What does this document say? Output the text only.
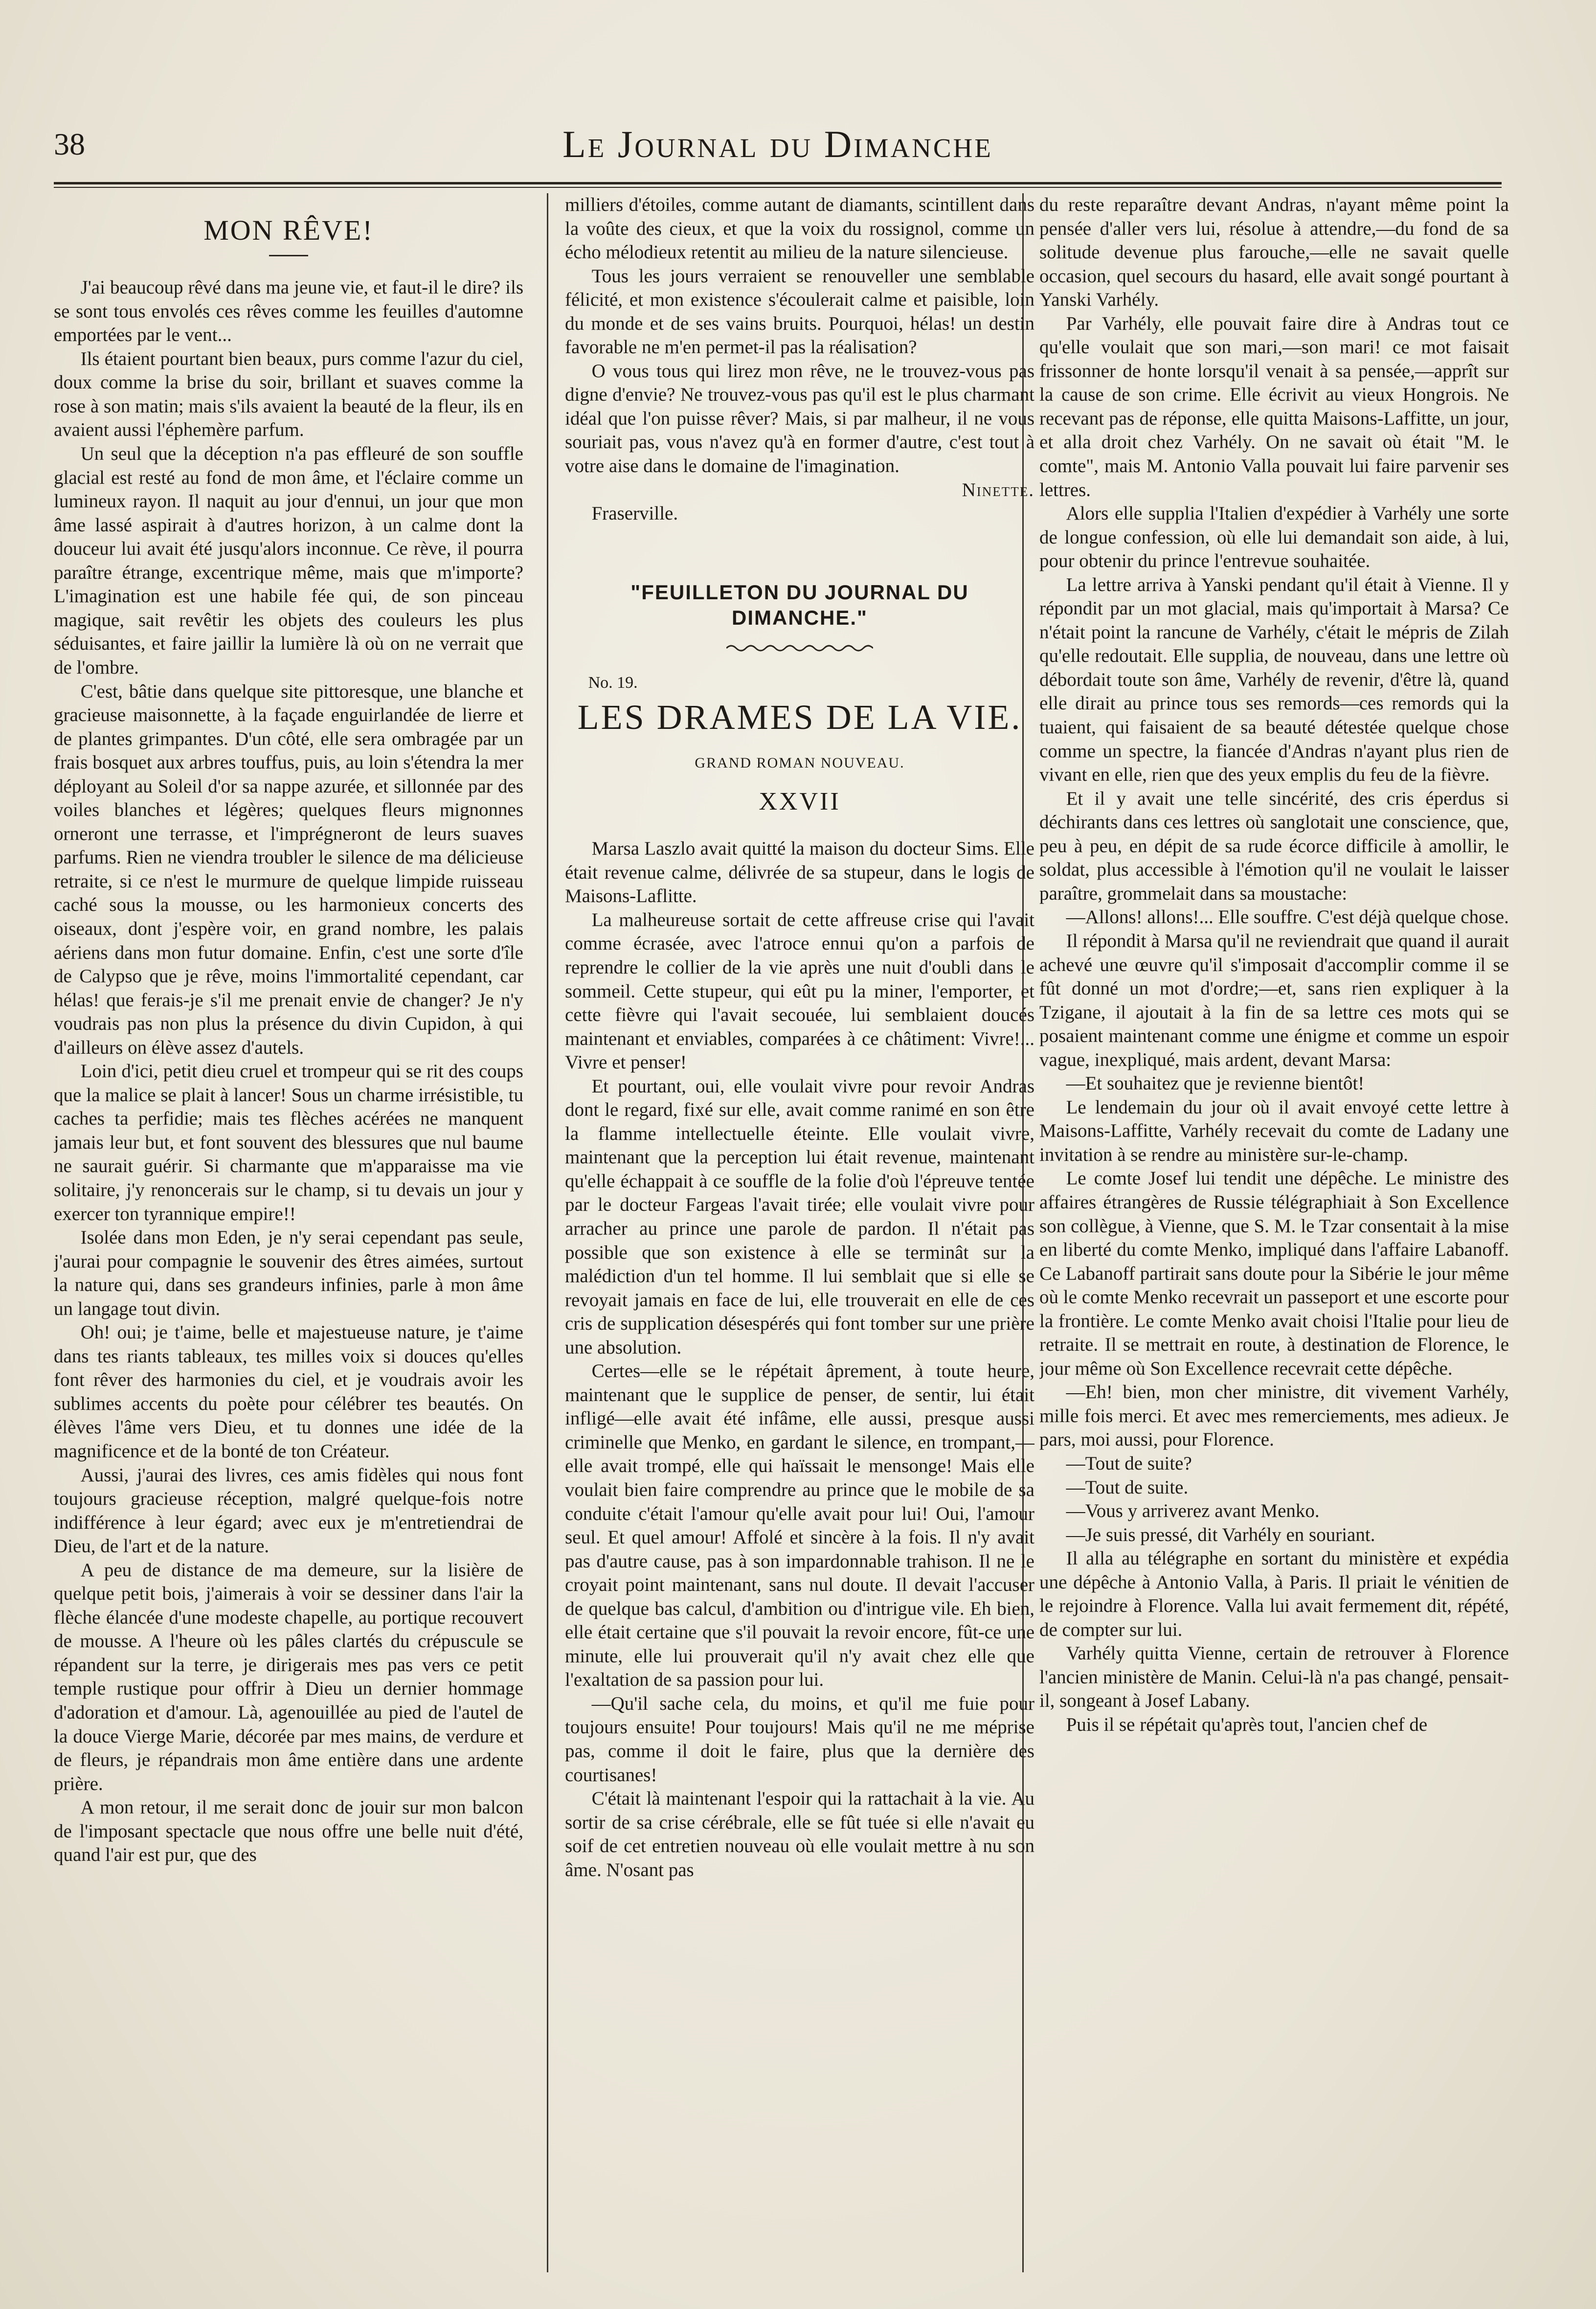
38	Le Journal du Dimanche
MON RÊVE!

J'ai beaucoup rêvé dans ma jeune vie, et faut-il le dire? ils se sont tous envolés ces rêves comme les feuilles d'automne emportées par le vent...

Ils étaient pourtant bien beaux, purs comme l'azur du ciel, doux comme la brise du soir, brillant et suaves comme la rose à son matin; mais s'ils avaient la beauté de la fleur, ils en avaient aussi l'éphemère parfum.

Un seul que la déception n'a pas effleuré de son souffle glacial est resté au fond de mon âme, et l'éclaire comme un lumineux rayon. Il naquit au jour d'ennui, un jour que mon âme lassé aspirait à d'autres horizon, à un calme dont la douceur lui avait été jusqu'alors inconnue. Ce rève, il pourra paraître étrange, excentrique même, mais que m'importe? L'imagination est une habile fée qui, de son pinceau magique, sait revêtir les objets des couleurs les plus séduisantes, et faire jaillir la lumière là où on ne verrait que de l'ombre.

C'est, bâtie dans quelque site pittoresque, une blanche et gracieuse maisonnette, à la façade enguirlandée de lierre et de plantes grimpantes. D'un côté, elle sera ombragée par un frais bosquet aux arbres touffus, puis, au loin s'étendra la mer déployant au Soleil d'or sa nappe azurée, et sillonnée par des voiles blanches et légères; quelques fleurs mignonnes orneront une terrasse, et l'imprégneront de leurs suaves parfums. Rien ne viendra troubler le silence de ma délicieuse retraite, si ce n'est le murmure de quelque limpide ruisseau caché sous la mousse, ou les harmonieux concerts des oiseaux, dont j'espère voir, en grand nombre, les palais aériens dans mon futur domaine. Enfin, c'est une sorte d'île de Calypso que je rêve, moins l'immortalité cependant, car hélas! que ferais-je s'il me prenait envie de changer? Je n'y voudrais pas non plus la présence du divin Cupidon, à qui d'ailleurs on élève assez d'autels.

Loin d'ici, petit dieu cruel et trompeur qui se rit des coups que la malice se plait à lancer! Sous un charme irrésistible, tu caches ta perfidie; mais tes flèches acérées ne manquent jamais leur but, et font souvent des blessures que nul baume ne saurait guérir. Si charmante que m'apparaisse ma vie solitaire, j'y renoncerais sur le champ, si tu devais un jour y exercer ton tyrannique empire!!

Isolée dans mon Eden, je n'y serai cependant pas seule, j'aurai pour compagnie le souvenir des êtres aimées, surtout la nature qui, dans ses grandeurs infinies, parle à mon âme un langage tout divin.

Oh! oui; je t'aime, belle et majestueuse nature, je t'aime dans tes riants tableaux, tes milles voix si douces qu'elles font rêver des harmonies du ciel, et je voudrais avoir les sublimes accents du poète pour célébrer tes beautés. On élèves l'âme vers Dieu, et tu donnes une idée de la magnificence et de la bonté de ton Créateur.

Aussi, j'aurai des livres, ces amis fidèles qui nous font toujours gracieuse réception, malgré quelque-fois notre indifférence à leur égard; avec eux je m'entretiendrai de Dieu, de l'art et de la nature.

A peu de distance de ma demeure, sur la lisière de quelque petit bois, j'aimerais à voir se dessiner dans l'air la flèche élancée d'une modeste chapelle, au portique recouvert de mousse. A l'heure où les pâles clartés du crépuscule se répandent sur la terre, je dirigerais mes pas vers ce petit temple rustique pour offrir à Dieu un dernier hommage d'adoration et d'amour. Là, agenouillée au pied de l'autel de la douce Vierge Marie, décorée par mes mains, de verdure et de fleurs, je répandrais mon âme entière dans une ardente prière.

A mon retour, il me serait donc de jouir sur mon balcon de l'imposant spectacle que nous offre une belle nuit d'été, quand l'air est pur, que des

milliers d'étoiles, comme autant de diamants, scintillent dans la voûte des cieux, et que la voix du rossignol, comme un écho mélodieux retentit au milieu de la nature silencieuse.

Tous les jours verraient se renouveller une semblable félicité, et mon existence s'écoulerait calme et paisible, loin du monde et de ses vains bruits. Pourquoi, hélas! un destin favorable ne m'en permet-il pas la réalisation?

O vous tous qui lirez mon rêve, ne le trouvez-vous pas digne d'envie? Ne trouvez-vous pas qu'il est le plus charmant idéal que l'on puisse rêver? Mais, si par malheur, il ne vous souriait pas, vous n'avez qu'à en former d'autre, c'est tout à votre aise dans le domaine de l'imagination.

Ninette.

Fraserville.

"FEUILLETON DU JOURNAL DU DIMANCHE."

No. 19.

LES DRAMES DE LA VIE.
GRAND ROMAN NOUVEAU.
XXVII

Marsa Laszlo avait quitté la maison du docteur Sims. Elle était revenue calme, délivrée de sa stupeur, dans le logis de Maisons-Laflitte.

La malheureuse sortait de cette affreuse crise qui l'avait comme écrasée, avec l'atroce ennui qu'on a parfois de reprendre le collier de la vie après une nuit d'oubli dans le sommeil. Cette stupeur, qui eût pu la miner, l'emporter, et cette fièvre qui l'avait secouée, lui semblaient doucés maintenant et enviables, comparées à ce châtiment: Vivre!... Vivre et penser!

Et pourtant, oui, elle voulait vivre pour revoir Andras dont le regard, fixé sur elle, avait comme ranimé en son être la flamme intellectuelle éteinte. Elle voulait vivre, maintenant que la perception lui était revenue, maintenant qu'elle échappait à ce souffle de la folie d'où l'épreuve tentée par le docteur Fargeas l'avait tirée; elle voulait vivre pour arracher au prince une parole de pardon. Il n'était pas possible que son existence à elle se terminât sur la malédiction d'un tel homme. Il lui semblait que si elle se revoyait jamais en face de lui, elle trouverait en elle de ces cris de supplication désespérés qui font tomber sur une prière une absolution.

Certes—elle se le répétait âprement, à toute heure, maintenant que le supplice de penser, de sentir, lui était infligé—elle avait été infâme, elle aussi, presque aussi criminelle que Menko, en gardant le silence, en trompant,—elle avait trompé, elle qui haïssait le mensonge! Mais elle voulait bien faire comprendre au prince que le mobile de sa conduite c'était l'amour qu'elle avait pour lui! Oui, l'amour seul. Et quel amour! Affolé et sincère à la fois. Il n'y avait pas d'autre cause, pas à son impardonnable trahison. Il ne le croyait point maintenant, sans nul doute. Il devait l'accuser de quelque bas calcul, d'ambition ou d'intrigue vile. Eh bien, elle était certaine que s'il pouvait la revoir encore, fût-ce une minute, elle lui prouverait qu'il n'y avait chez elle que l'exaltation de sa passion pour lui.

—Qu'il sache cela, du moins, et qu'il me fuie pour toujours ensuite! Pour toujours! Mais qu'il ne me méprise pas, comme il doit le faire, plus que la dernière des courtisanes!

C'était là maintenant l'espoir qui la rattachait à la vie. Au sortir de sa crise cérébrale, elle se fût tuée si elle n'avait eu soif de cet entretien nouveau où elle voulait mettre à nu son âme. N'osant pas

du reste reparaître devant Andras, n'ayant même point la pensée d'aller vers lui, résolue à attendre,—du fond de sa solitude devenue plus farouche,—elle ne savait quelle occasion, quel secours du hasard, elle avait songé pourtant à Yanski Varhély.

Par Varhély, elle pouvait faire dire à Andras tout ce qu'elle voulait que son mari,—son mari! ce mot faisait frissonner de honte lorsqu'il venait à sa pensée,—apprît sur la cause de son crime. Elle écrivit au vieux Hongrois. Ne recevant pas de réponse, elle quitta Maisons-Laffitte, un jour, et alla droit chez Varhély. On ne savait où était "M. le comte", mais M. Antonio Valla pouvait lui faire parvenir ses lettres.

Alors elle supplia l'Italien d'expédier à Varhély une sorte de longue confession, où elle lui demandait son aide, à lui, pour obtenir du prince l'entrevue souhaitée.

La lettre arriva à Yanski pendant qu'il était à Vienne. Il y répondit par un mot glacial, mais qu'importait à Marsa? Ce n'était point la rancune de Varhély, c'était le mépris de Zilah qu'elle redoutait. Elle supplia, de nouveau, dans une lettre où débordait toute son âme, Varhély de revenir, d'être là, quand elle dirait au prince tous ses remords—ces remords qui la tuaient, qui faisaient de sa beauté détestée quelque chose comme un spectre, la fiancée d'Andras n'ayant plus rien de vivant en elle, rien que des yeux emplis du feu de la fièvre.

Et il y avait une telle sincérité, des cris éperdus si déchirants dans ces lettres où sanglotait une conscience, que, peu à peu, en dépit de sa rude écorce difficile à amollir, le soldat, plus accessible à l'émotion qu'il ne voulait le laisser paraître, grommelait dans sa moustache:

—Allons! allons!... Elle souffre. C'est déjà quelque chose.

Il répondit à Marsa qu'il ne reviendrait que quand il aurait achevé une œuvre qu'il s'imposait d'accomplir comme il se fût donné un mot d'ordre;—et, sans rien expliquer à la Tzigane, il ajoutait à la fin de sa lettre ces mots qui se posaient maintenant comme une énigme et comme un espoir vague, inexpliqué, mais ardent, devant Marsa:

—Et souhaitez que je revienne bientôt!

Le lendemain du jour où il avait envoyé cette lettre à Maisons-Laffitte, Varhély recevait du comte de Ladany une invitation à se rendre au ministère sur-le-champ.

Le comte Josef lui tendit une dépêche. Le ministre des affaires étrangères de Russie télégraphiait à Son Excellence son collègue, à Vienne, que S. M. le Tzar consentait à la mise en liberté du comte Menko, impliqué dans l'affaire Labanoff. Ce Labanoff partirait sans doute pour la Sibérie le jour même où le comte Menko recevrait un passeport et une escorte pour la frontière. Le comte Menko avait choisi l'Italie pour lieu de retraite. Il se mettrait en route, à destination de Florence, le jour même où Son Excellence recevrait cette dépêche.

—Eh! bien, mon cher ministre, dit vivement Varhély, mille fois merci. Et avec mes remerciements, mes adieux. Je pars, moi aussi, pour Florence.

—Tout de suite?

—Tout de suite.

—Vous y arriverez avant Menko.

—Je suis pressé, dit Varhély en souriant.

Il alla au télégraphe en sortant du ministère et expédia une dépêche à Antonio Valla, à Paris. Il priait le vénitien de le rejoindre à Florence. Valla lui avait fermement dit, répété, de compter sur lui.

Varhély quitta Vienne, certain de retrouver à Florence l'ancien ministère de Manin. Celui-là n'a pas changé, pensait-il, songeant à Josef Labany.

Puis il se répétait qu'après tout, l'ancien chef de
